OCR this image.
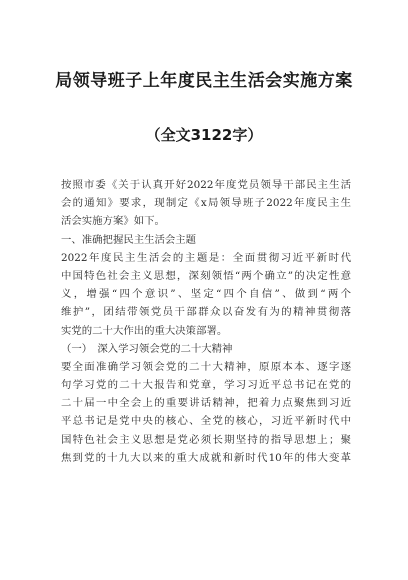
局领导班子上年度民主生活会实施方案
（全文3122字）
按照市委《关于认真开好2022年度党员领导干部民主生活
会的通知》要求，现制定《x局领导班子2022年度民主生
活会实施方案》如下。
一、准确把握民主生活会主题
2022年度民主生活会的主题是：全面贯彻习近平新时代
中国特色社会主义思想，深刻领悟“两个确立”的决定性意
义，增强“四个意识”、坚定“四个自信”、做到“两个
维护”，团结带领党员干部群众以奋发有为的精神贯彻落
实党的二十大作出的重大决策部署。
（一）　深入学习领会党的二十大精神
要全面准确学习领会党的二十大精神，原原本本、逐字逐
句学习党的二十大报告和党章，学习习近平总书记在党的
二十届一中全会上的重要讲话精神，把着力点聚焦到习近
平总书记是党中央的核心、全党的核心，习近平新时代中
国特色社会主义思想是党必须长期坚持的指导思想上；聚
焦到党的十九大以来的重大成就和新时代10年的伟大变革
